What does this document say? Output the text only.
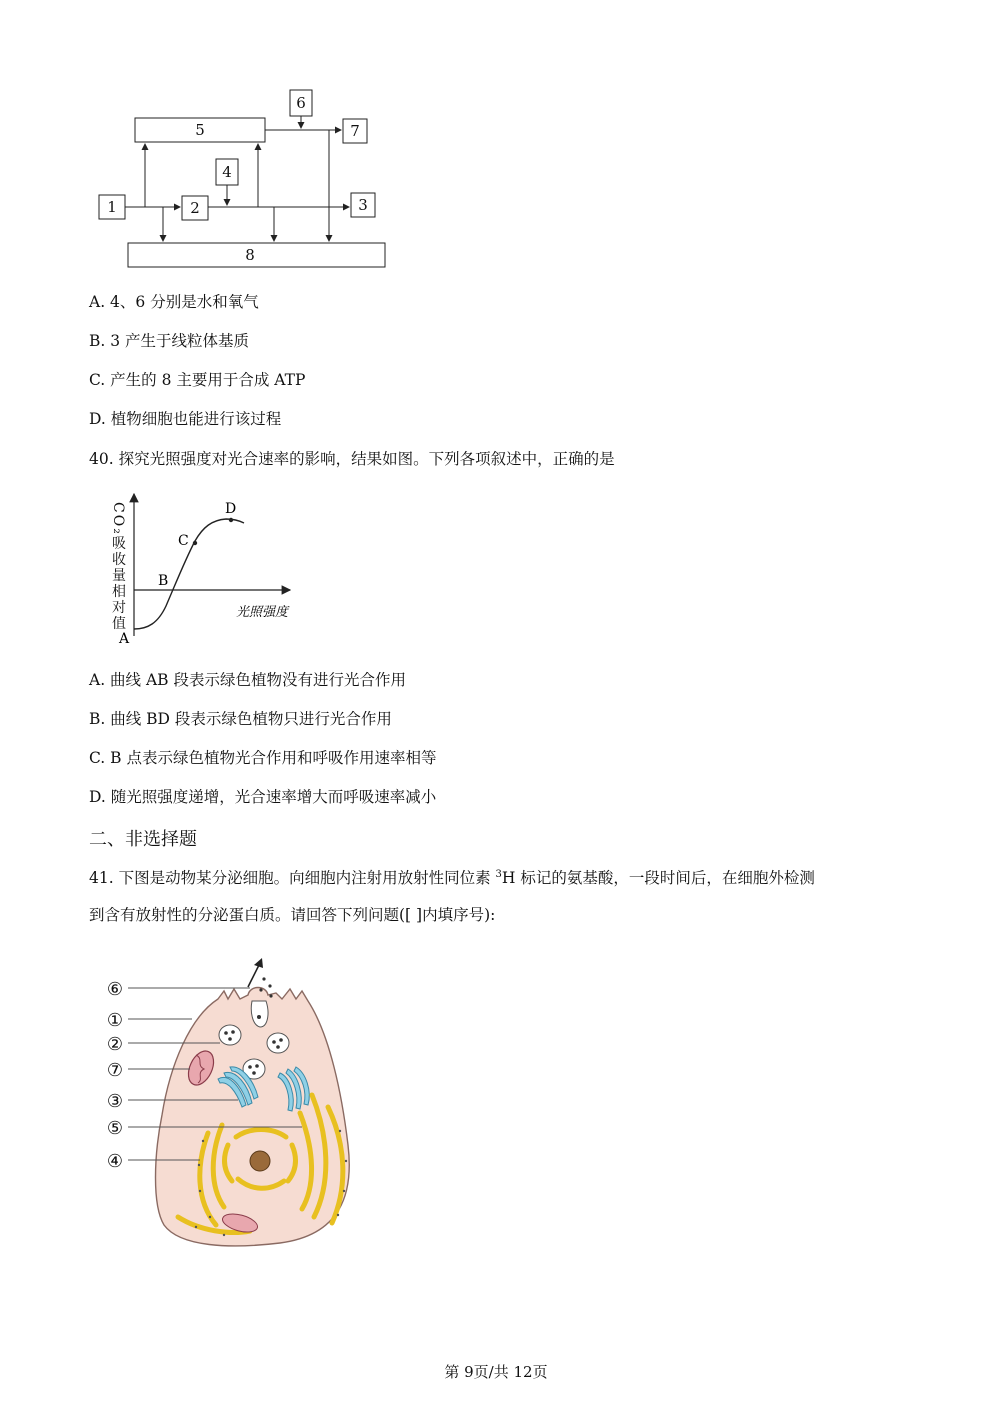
1	2	3
4
5
6
7
8
A. 4、6 分别是水和氧气
B. 3 产生于线粒体基质
C. 产生的 8 主要用于合成 ATP
D. 植物细胞也能进行该过程
40. 探究光照强度对光合速率的影响，结果如图。下列各项叙述中，正确的是
CO₂吸收量相对值
A
B
C
D
光照强度
A. 曲线 AB 段表示绿色植物没有进行光合作用
B. 曲线 BD 段表示绿色植物只进行光合作用
C. B 点表示绿色植物光合作用和呼吸作用速率相等
D. 随光照强度递增，光合速率增大而呼吸速率减小
二、非选择题
41. 下图是动物某分泌细胞。向细胞内注射用放射性同位素 $^3$H 标记的氨基酸，一段时间后，在细胞外检测
到含有放射性的分泌蛋白质。请回答下列问题([ ]内填序号):
⑥
①
②
⑦
③
⑤
④
第 9页/共 12页
